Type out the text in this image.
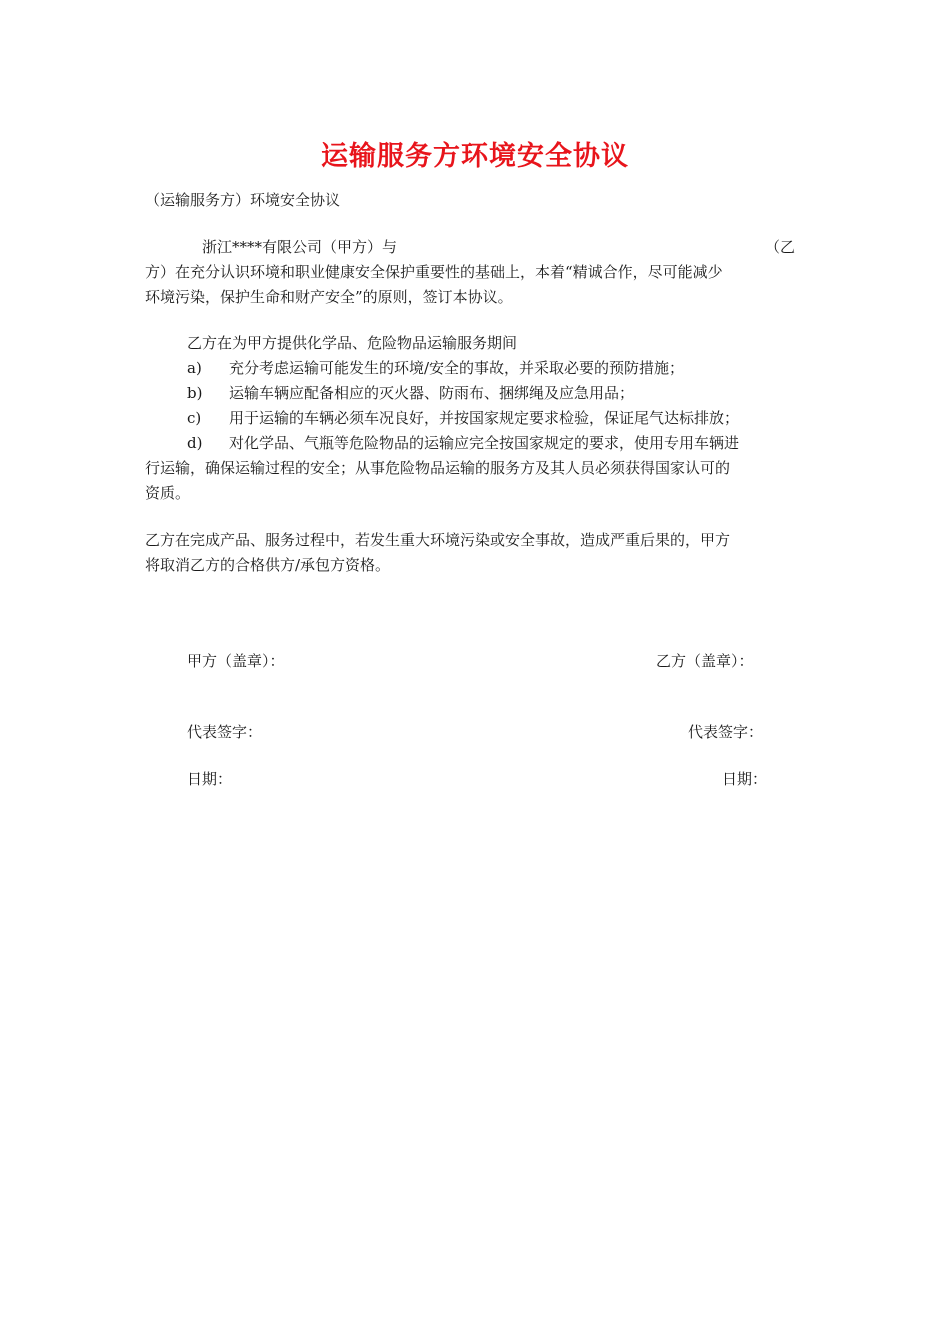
运输服务方环境安全协议
（运输服务方）环境安全协议
浙江****有限公司（甲方）与	（乙
方）在充分认识环境和职业健康安全保护重要性的基础上，本着“精诚合作，尽可能减少
环境污染，保护生命和财产安全”的原则，签订本协议。
乙方在为甲方提供化学品、危险物品运输服务期间
a) 充分考虑运输可能发生的环境/安全的事故，并采取必要的预防措施；
b) 运输车辆应配备相应的灭火器、防雨布、捆绑绳及应急用品；
c) 用于运输的车辆必须车况良好，并按国家规定要求检验，保证尾气达标排放；
d) 对化学品、气瓶等危险物品的运输应完全按国家规定的要求，使用专用车辆进
行运输，确保运输过程的安全；从事危险物品运输的服务方及其人员必须获得国家认可的
资质。
乙方在完成产品、服务过程中，若发生重大环境污染或安全事故，造成严重后果的，甲方
将取消乙方的合格供方/承包方资格。
甲方（盖章）：	乙方（盖章）：
代表签字：	代表签字：
日期：	日期：
